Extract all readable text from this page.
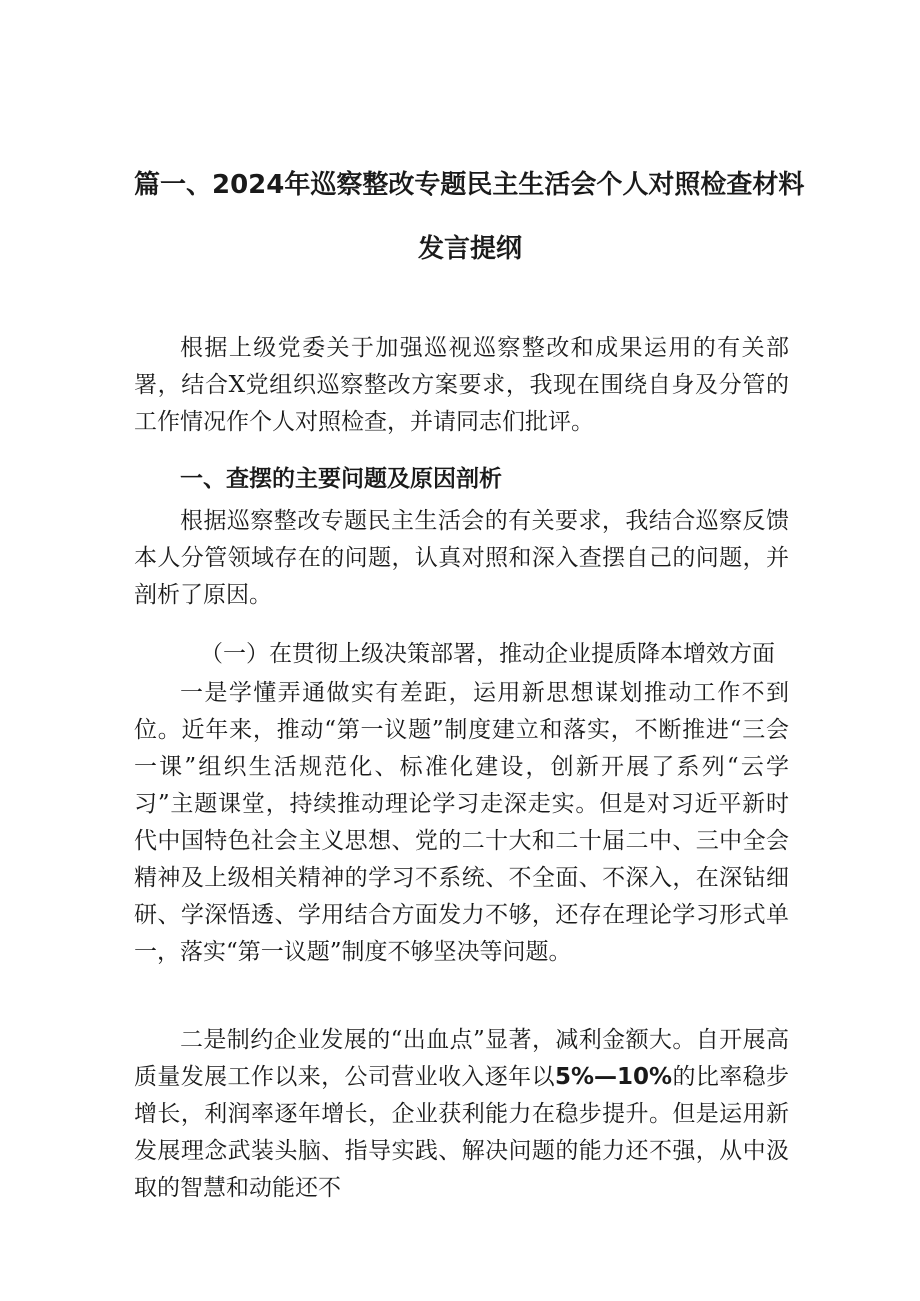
篇一、2024年巡察整改专题民主生活会个人对照检查材料
发言提纲

根据上级党委关于加强巡视巡察整改和成果运用的有关部署，结合X党组织巡察整改方案要求，我现在围绕自身及分管的工作情况作个人对照检查，并请同志们批评。

一、查摆的主要问题及原因剖析

根据巡察整改专题民主生活会的有关要求，我结合巡察反馈本人分管领域存在的问题，认真对照和深入查摆自己的问题，并剖析了原因。

（一）在贯彻上级决策部署，推动企业提质降本增效方面

一是学懂弄通做实有差距，运用新思想谋划推动工作不到位。近年来，推动“第一议题”制度建立和落实，不断推进“三会一课”组织生活规范化、标准化建设，创新开展了系列“云学习”主题课堂，持续推动理论学习走深走实。但是对习近平新时代中国特色社会主义思想、党的二十大和二十届二中、三中全会精神及上级相关精神的学习不系统、不全面、不深入，在深钻细研、学深悟透、学用结合方面发力不够，还存在理论学习形式单一，落实“第一议题”制度不够坚决等问题。

二是制约企业发展的“出血点”显著，减利金额大。自开展高质量发展工作以来，公司营业收入逐年以5%—10%的比率稳步增长，利润率逐年增长，企业获利能力在稳步提升。但是运用新发展理念武装头脑、指导实践、解决问题的能力还不强，从中汲取的智慧和动能还不
